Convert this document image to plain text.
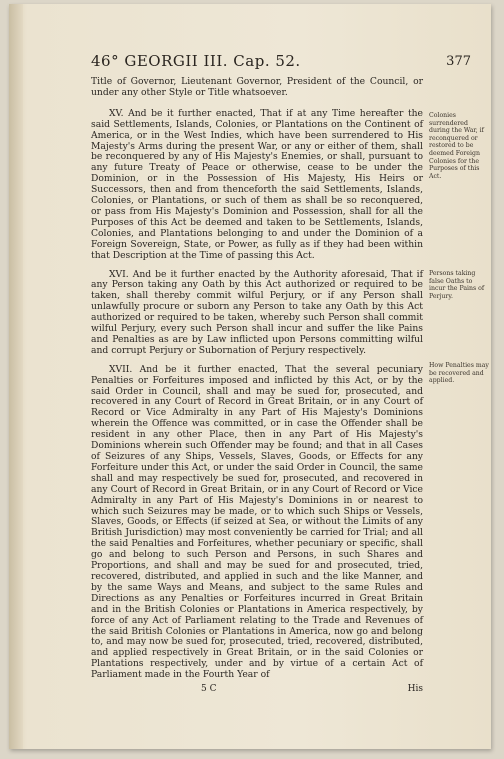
46° GEORGII III. Cap. 52.	377

Title of Governor, Lieutenant Governor, President of the Council, or under any other Style or Title whatsoever.

XV. And be it further enacted, That if at any Time hereafter the said Settlements, Islands, Colonies, or Plantations on the Continent of America, or in the West Indies, which have been surrendered to His Majesty's Arms during the present War, or any or either of them, shall be reconquered by any of His Majesty's Enemies, or shall, pursuant to any future Treaty of Peace or otherwise, cease to be under the Dominion, or in the Possession of His Majesty, His Heirs or Successors, then and from thenceforth the said Settlements, Islands, Colonies, or Plantations, or such of them as shall be so reconquered, or pass from His Majesty's Dominion and Possession, shall for all the Purposes of this Act be deemed and taken to be Settlements, Islands, Colonies, and Plantations belonging to and under the Dominion of a Foreign Sovereign, State, or Power, as fully as if they had been within that Description at the Time of passing this Act.

XVI. And be it further enacted by the Authority aforesaid, That if any Person taking any Oath by this Act authorized or required to be taken, shall thereby commit wilful Perjury, or if any Person shall unlawfully procure or suborn any Person to take any Oath by this Act authorized or required to be taken, whereby such Person shall commit wilful Perjury, every such Person shall incur and suffer the like Pains and Penalties as are by Law inflicted upon Persons committing wilful and corrupt Perjury or Subornation of Perjury respectively.

XVII. And be it further enacted, That the several pecuniary Penalties or Forfeitures imposed and inflicted by this Act, or by the said Order in Council, shall and may be sued for, prosecuted, and recovered in any Court of Record in Great Britain, or in any Court of Record or Vice Admiralty in any Part of His Majesty's Dominions wherein the Offence was committed, or in case the Offender shall be resident in any other Place, then in any Part of His Majesty's Dominions wherein such Offender may be found; and that in all Cases of Seizures of any Ships, Vessels, Slaves, Goods, or Effects for any Forfeiture under this Act, or under the said Order in Council, the same shall and may respectively be sued for, prosecuted, and recovered in any Court of Record in Great Britain, or in any Court of Record or Vice Admiralty in any Part of His Majesty's Dominions in or nearest to which such Seizures may be made, or to which such Ships or Vessels, Slaves, Goods, or Effects (if seized at Sea, or without the Limits of any British Jurisdiction) may most conveniently be carried for Trial; and all the said Penalties and Forfeitures, whether pecuniary or specific, shall go and belong to such Person and Persons, in such Shares and Proportions, and shall and may be sued for and prosecuted, tried, recovered, distributed, and applied in such and the like Manner, and by the same Ways and Means, and subject to the same Rules and Directions as any Penalties or Forfeitures incurred in Great Britain and in the British Colonies or Plantations in America respectively, by force of any Act of Parliament relating to the Trade and Revenues of the said British Colonies or Plantations in America, now go and belong to, and may now be sued for, prosecuted, tried, recovered, distributed, and applied respectively in Great Britain, or in the said Colonies or Plantations respectively, under and by virtue of a certain Act of Parliament made in the Fourth Year of

Colonies surrendered during the War, if reconquered or restored to be deemed Foreign Colonies for the Purposes of this Act.
Persons taking false Oaths to incur the Pains of Perjury.
How Penalties may be recovered and applied.
5 C	His
